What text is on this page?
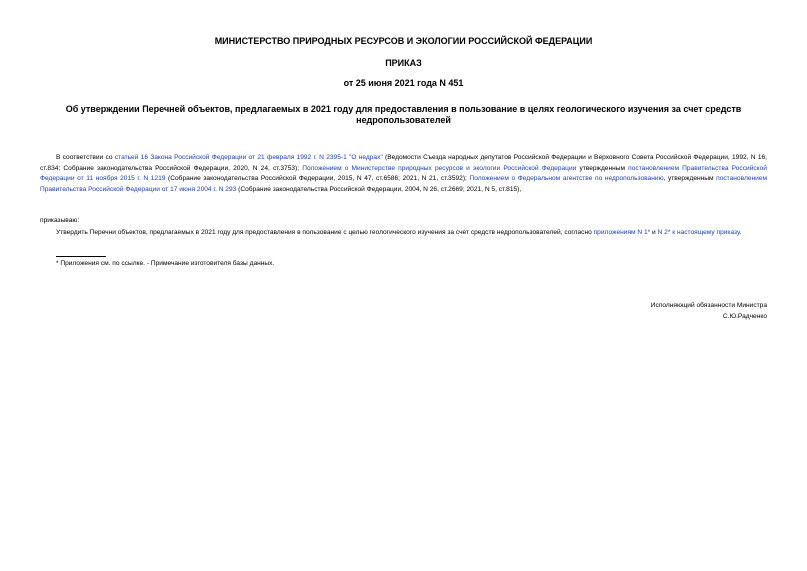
МИНИСТЕРСТВО ПРИРОДНЫХ РЕСУРСОВ И ЭКОЛОГИИ РОССИЙСКОЙ ФЕДЕРАЦИИ
ПРИКАЗ
от 25 июня 2021 года N 451
Об утверждении Перечней объектов, предлагаемых в 2021 году для предоставления в пользование в целях геологического изучения за счет средств недропользователей
В соответствии со статьей 16 Закона Российской Федерации от 21 февраля 1992 г. N 2395-1 "О недрах" (Ведомости Съезда народных депутатов Российской Федерации и Верховного Совета Российской Федерации, 1992, N 16, ст.834; Собрание законодательства Российской Федерации, 2020, N 24, ст.3753); Положением о Министерстве природных ресурсов и экологии Российской Федерации утвержденным постановлением Правительства Российской Федерации от 11 ноября 2015 г. N 1219 (Собрание законодательства Российской Федерации, 2015, N 47, ст.6586; 2021, N 21, ст.3592); Положением о Федеральном агентстве по недропользованию, утвержденным постановлением Правительства Российской Федерации от 17 июня 2004 г. N 293 (Собрание законодательства Российской Федерации, 2004, N 26, ст.2669; 2021, N 5, ст.815),
приказываю:
Утвердить Перечни объектов, предлагаемых в 2021 году для предоставления в пользование с целью геологического изучения за счет средств недропользователей, согласно приложениям N 1* и N 2* к настоящему приказу.
* Приложения см. по ссылке. - Примечание изготовителя базы данных.
Исполняющий обязанности Министра
С.Ю.Радченко
